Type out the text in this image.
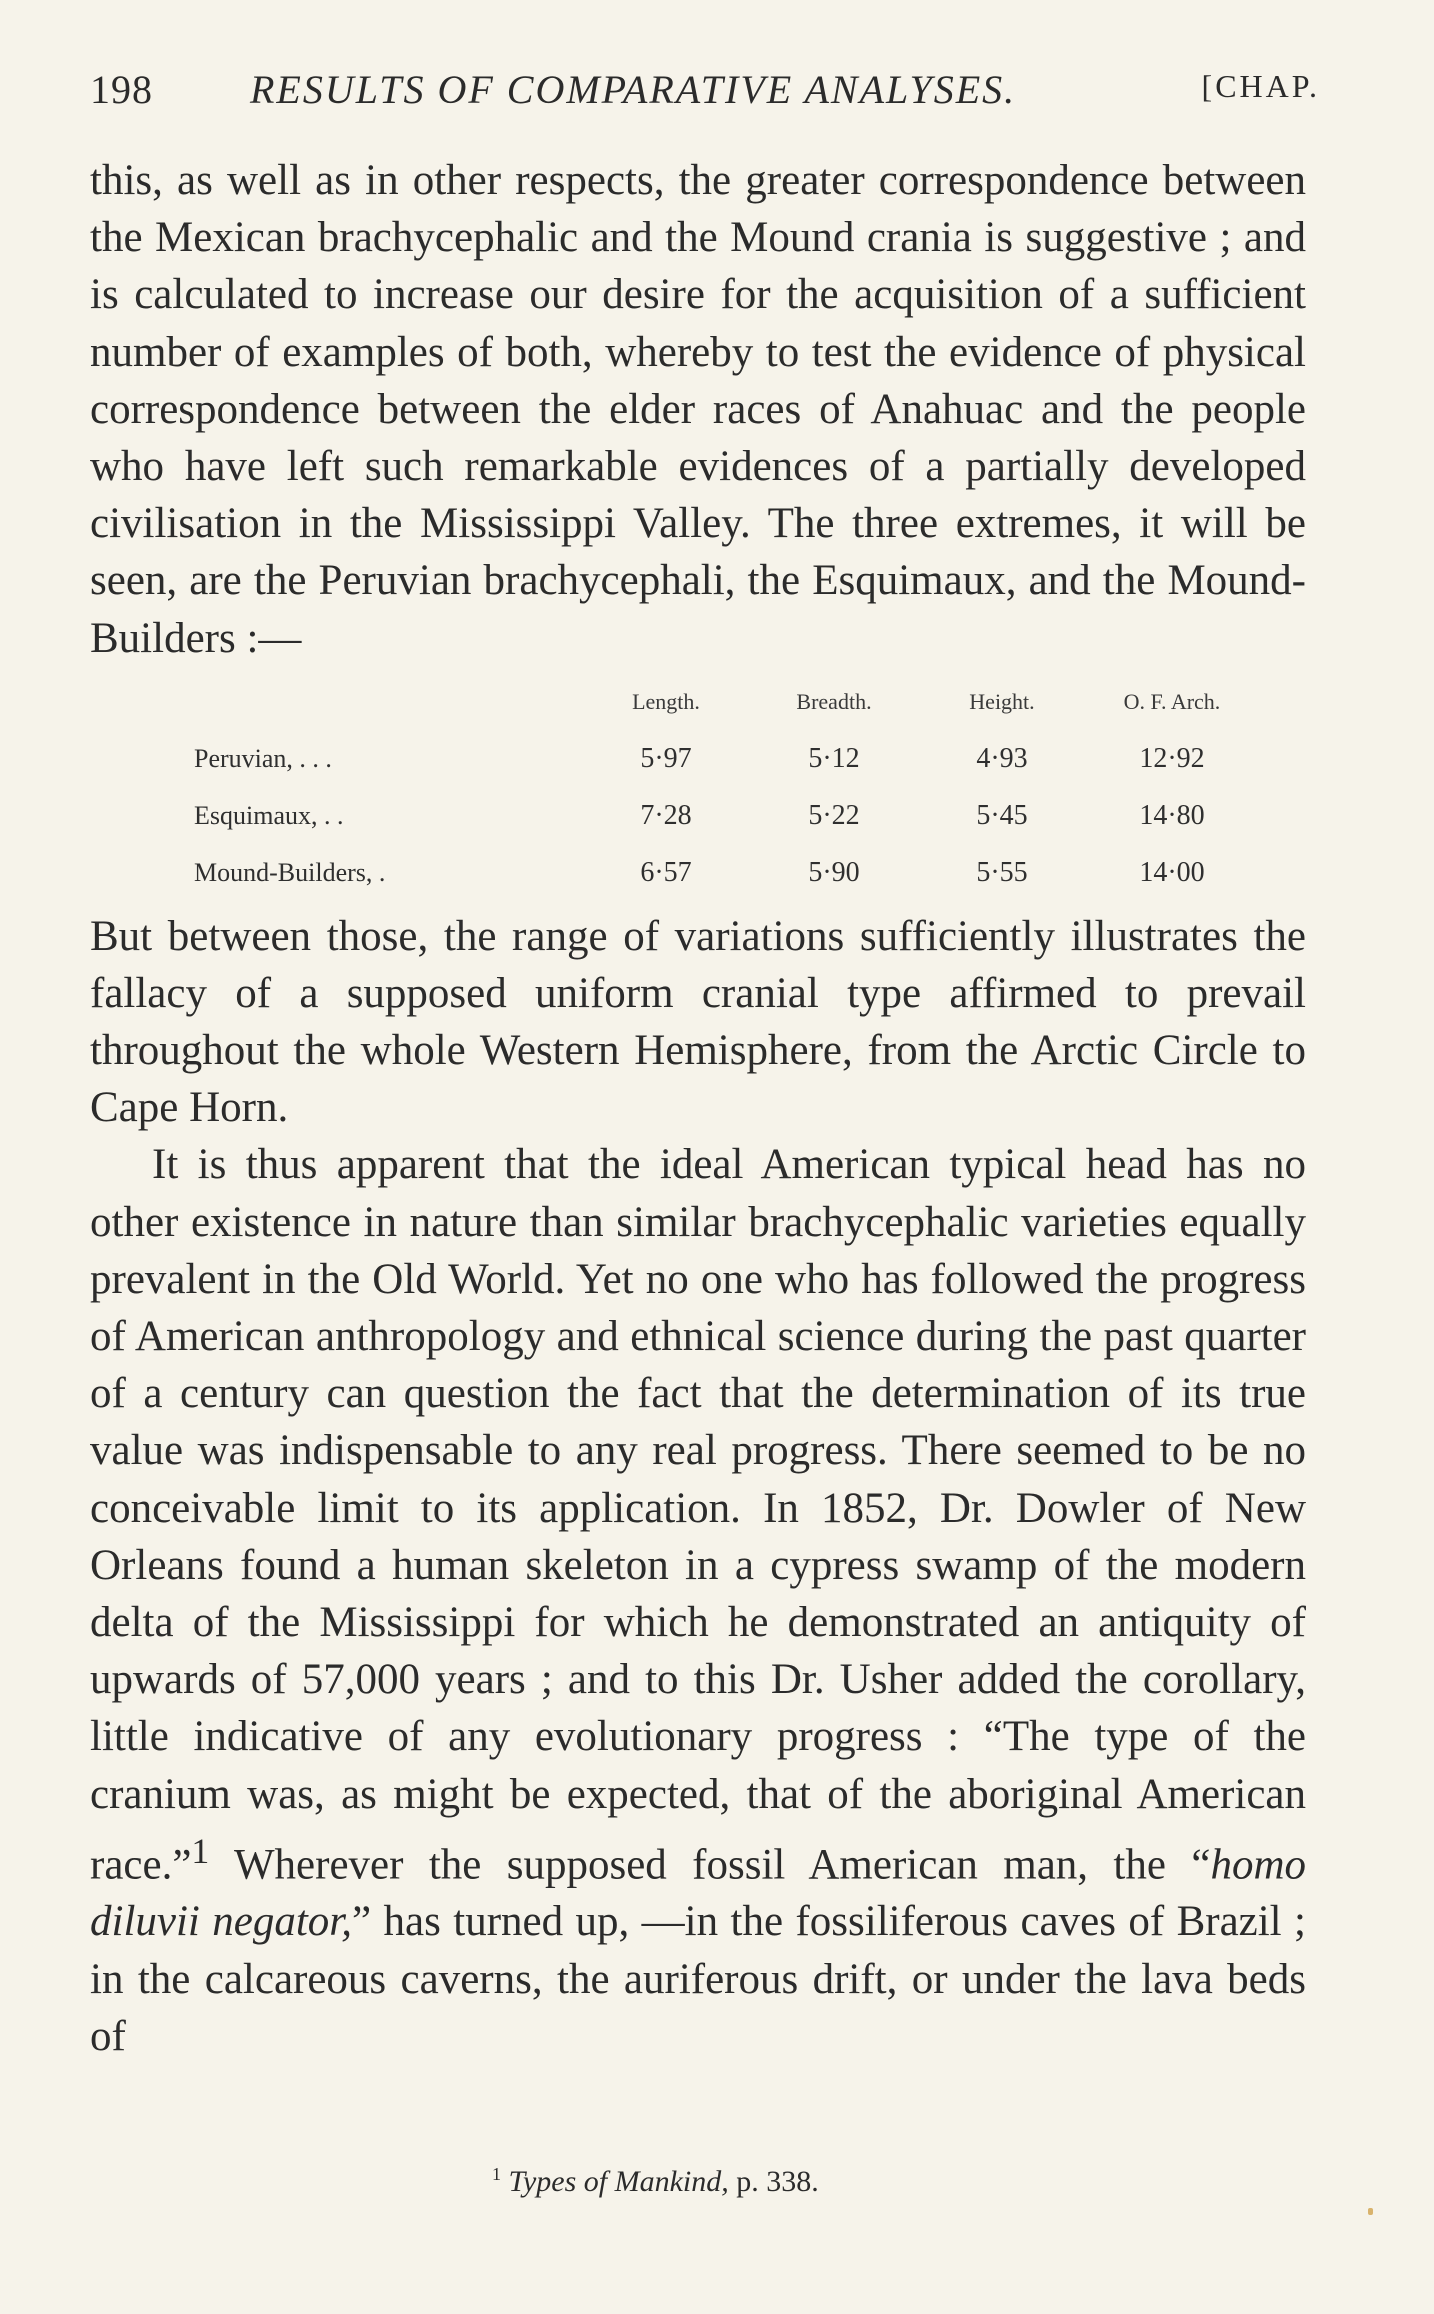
198 RESULTS OF COMPARATIVE ANALYSES.	[CHAP.

this, as well as in other respects, the greater correspondence between the Mexican brachycephalic and the Mound crania is suggestive ; and is calculated to increase our desire for the acquisition of a sufficient number of examples of both, whereby to test the evidence of physical correspondence between the elder races of Anahuac and the people who have left such remarkable evidences of a partially developed civilisation in the Mississippi Valley. The three extremes, it will be seen, are the Peruvian brachycephali, the Esquimaux, and the Mound-Builders :—

	Length.	Breadth.	Height.	O. F. Arch.
Peruvian, . . .	5·97	5·12	4·93	12·92
Esquimaux, . .	7·28	5·22	5·45	14·80
Mound-Builders, .	6·57	5·90	5·55	14·00

But between those, the range of variations sufficiently illustrates the fallacy of a supposed uniform cranial type affirmed to prevail throughout the whole Western Hemisphere, from the Arctic Circle to Cape Horn.

It is thus apparent that the ideal American typical head has no other existence in nature than similar brachycephalic varieties equally prevalent in the Old World. Yet no one who has followed the progress of American anthropology and ethnical science during the past quarter of a century can question the fact that the determination of its true value was indispensable to any real progress. There seemed to be no conceivable limit to its application. In 1852, Dr. Dowler of New Orleans found a human skeleton in a cypress swamp of the modern delta of the Mississippi for which he demonstrated an antiquity of upwards of 57,000 years ; and to this Dr. Usher added the corollary, little indicative of any evolutionary progress : “The type of the cranium was, as might be expected, that of the aboriginal American race.”$^1$ Wherever the supposed fossil American man, the “homo diluvii negator,” has turned up, —in the fossiliferous caves of Brazil ; in the calcareous caverns, the auriferous drift, or under the lava beds of

$^1$ Types of Mankind, p. 338.
